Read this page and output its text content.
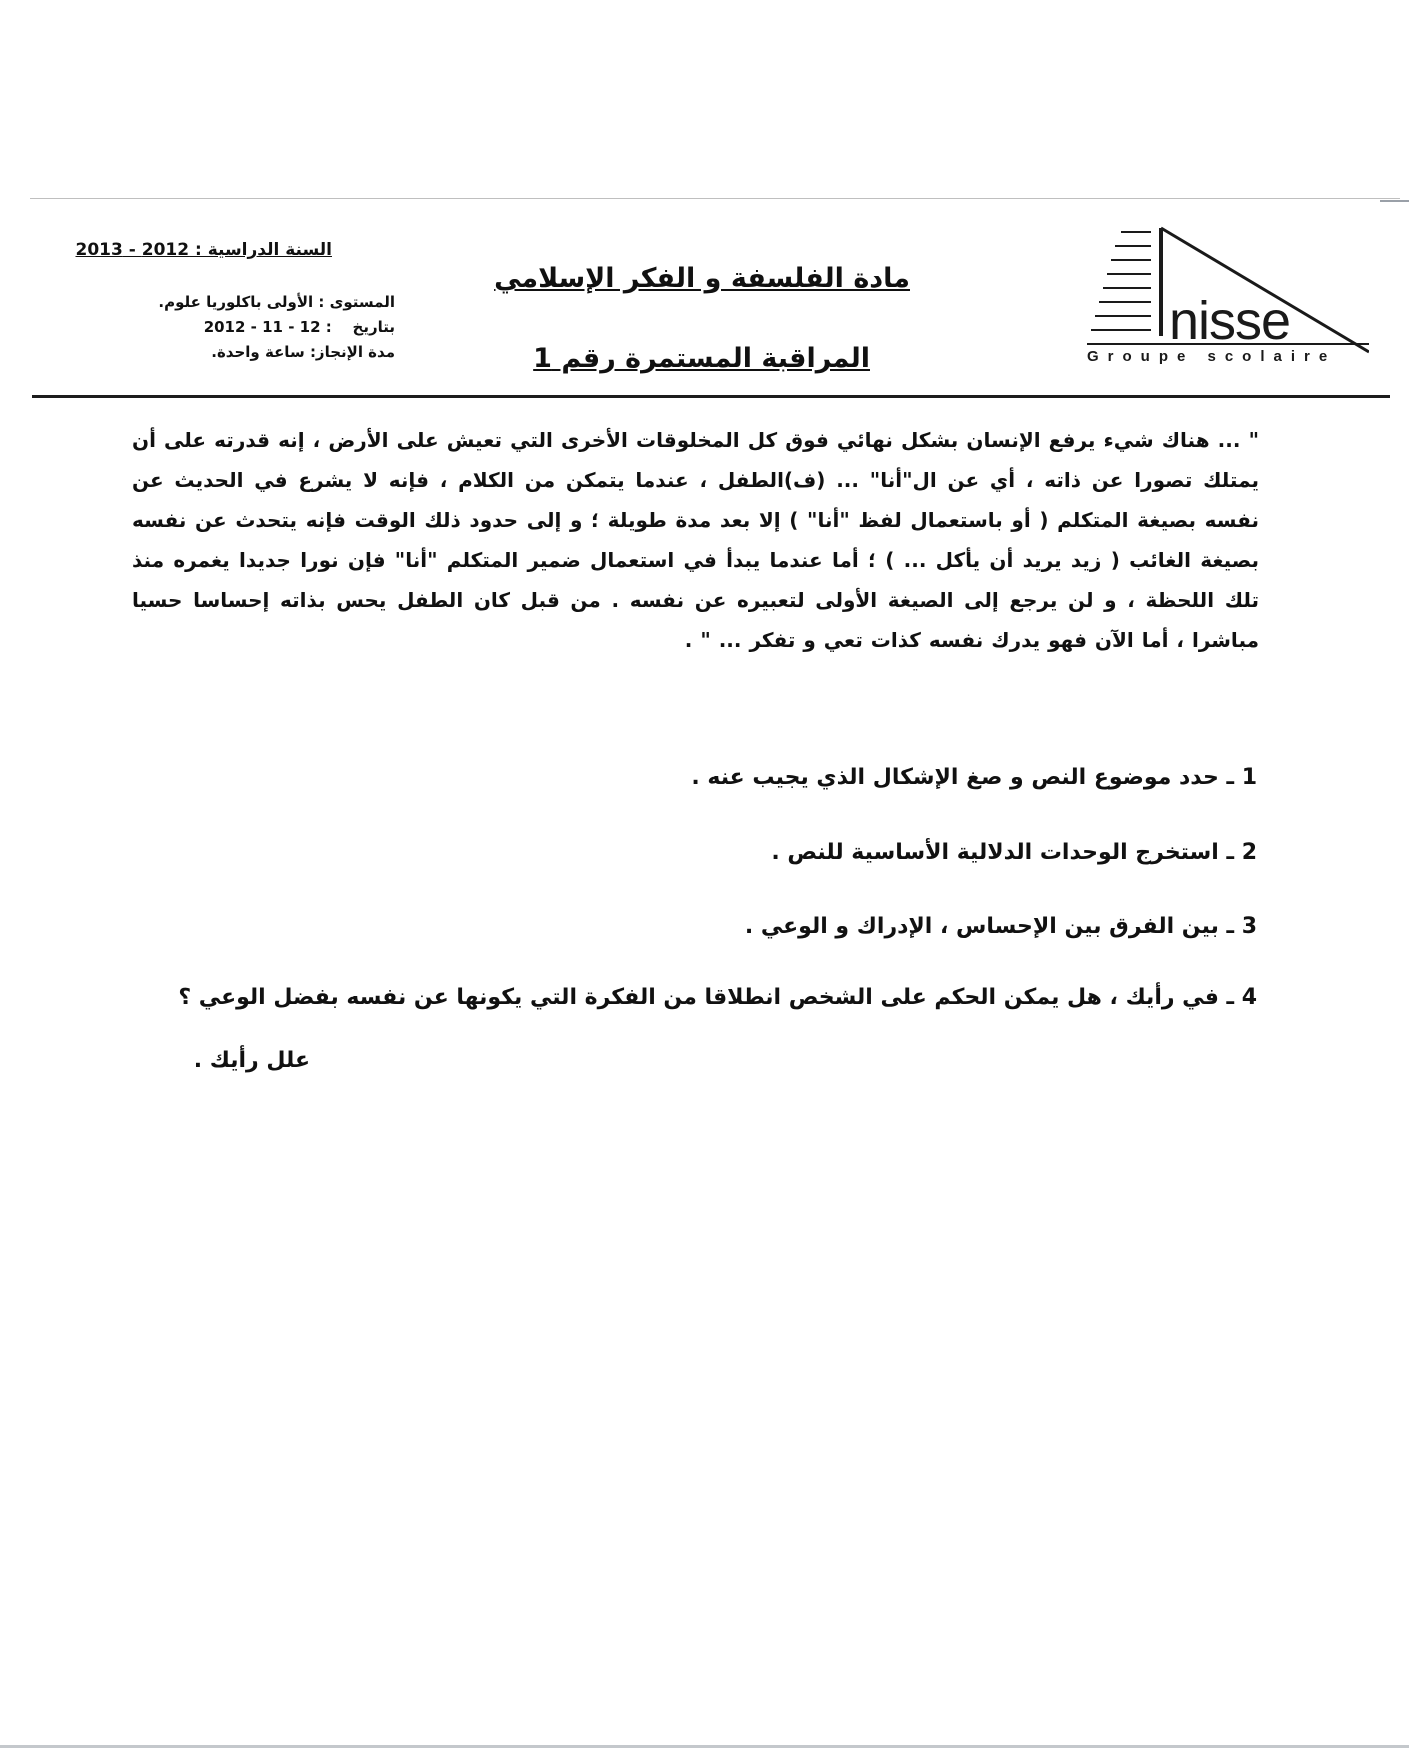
nisse

Groupe scolaire

مادة الفلسفة و الفكر الإسلامي

المراقبة المستمرة رقم 1

السنة الدراسية : 2012 - 2013

المستوى : الأولى باكلوريا علوم.

بتاريخ : 12 - 11 - 2012

مدة الإنجاز: ساعة واحدة.

" ... هناك شيء يرفع الإنسان بشكل نهائي فوق كل المخلوقات الأخرى التي تعيش على الأرض ، إنه قدرته على أن يمتلك تصورا عن ذاته ، أي عن ال"أنا" ... (ف)الطفل ، عندما يتمكن من الكلام ، فإنه لا يشرع في الحديث عن نفسه بصيغة المتكلم ( أو باستعمال لفظ "أنا" ) إلا بعد مدة طويلة ؛ و إلى حدود ذلك الوقت فإنه يتحدث عن نفسه بصيغة الغائب ( زيد يريد أن يأكل ... ) ؛ أما عندما يبدأ في استعمال ضمير المتكلم "أنا" فإن نورا جديدا يغمره منذ تلك اللحظة ، و لن يرجع إلى الصيغة الأولى لتعبيره عن نفسه . من قبل كان الطفل يحس بذاته إحساسا حسيا مباشرا ، أما الآن فهو يدرك نفسه كذات تعي و تفكر ... " .

1 ـ حدد موضوع النص و صغ الإشكال الذي يجيب عنه .

2 ـ استخرج الوحدات الدلالية الأساسية للنص .

3 ـ بين الفرق بين الإحساس ، الإدراك و الوعي .

4 ـ في رأيك ، هل يمكن الحكم على الشخص انطلاقا من الفكرة التي يكونها عن نفسه بفضل الوعي ؟

علل رأيك .
